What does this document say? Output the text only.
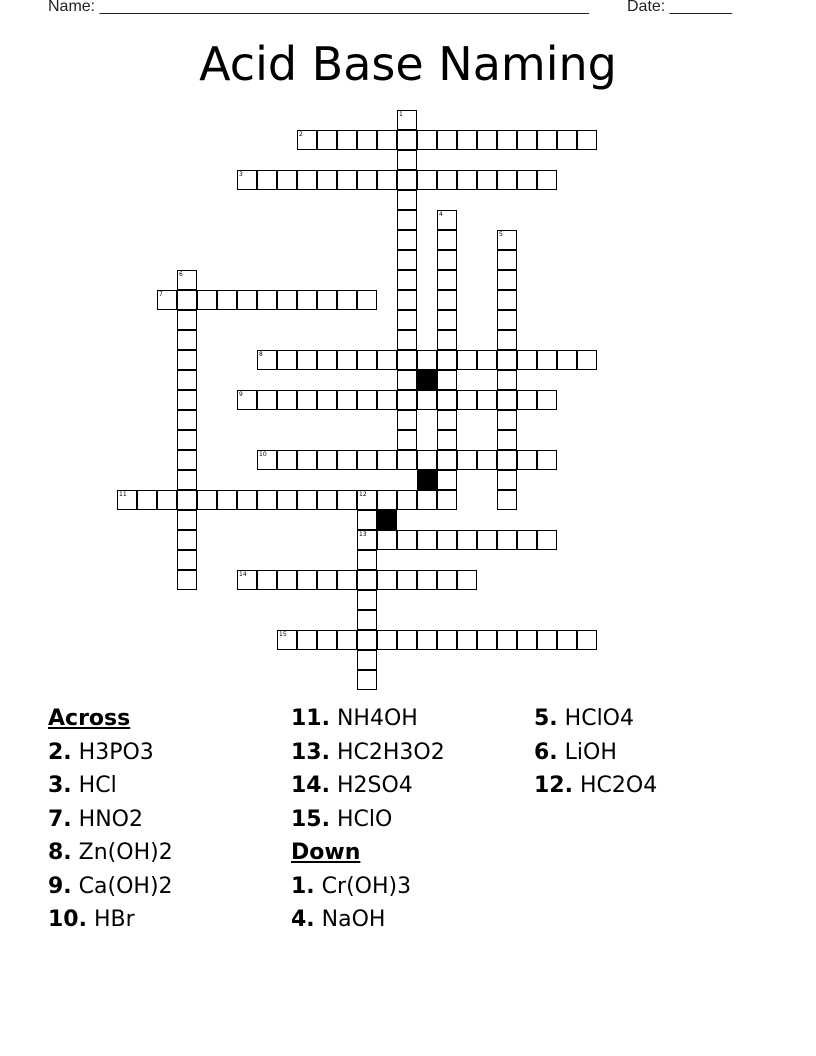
Name: _______________________________________________________ Date: _______
Acid Base Naming
1
2
3
4
5
6
7
8
9
10
11	12
13
14
15
Across
2. H3PO3
3. HCl
7. HNO2
8. Zn(OH)2
9. Ca(OH)2
10. HBr
11. NH4OH
13. HC2H3O2
14. H2SO4
15. HClO
Down
1. Cr(OH)3
4. NaOH
5. HClO4
6. LiOH
12. HC2O4
